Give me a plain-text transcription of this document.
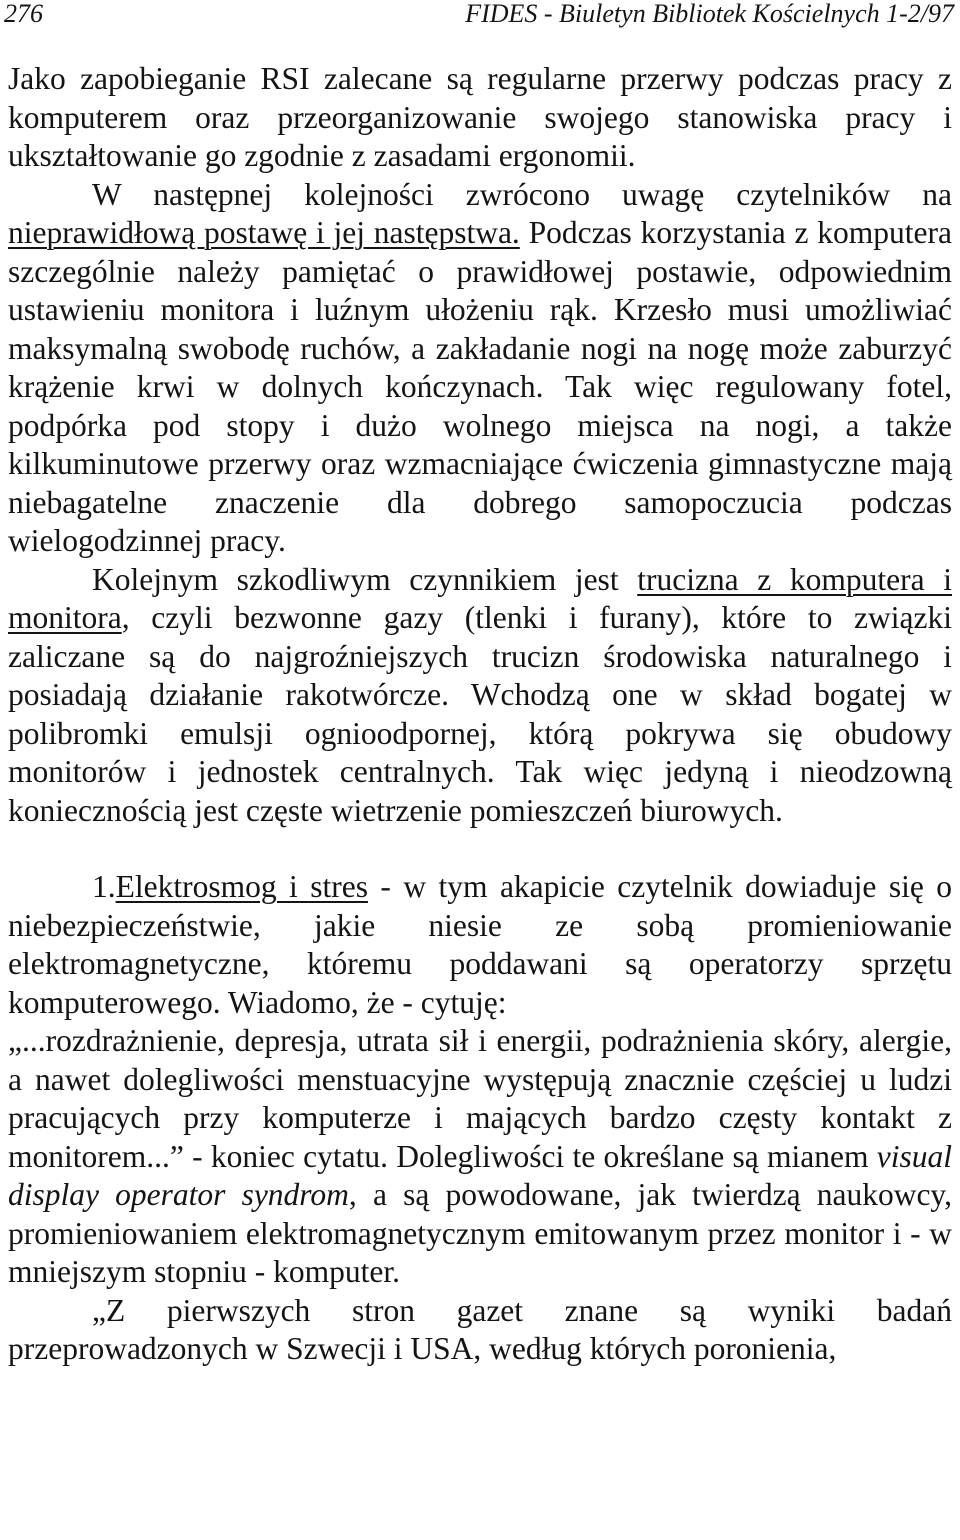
276	FIDES - Biuletyn Bibliotek Kościelnych 1-2/97

Jako zapobieganie RSI zalecane są regularne przerwy podczas pracy z komputerem oraz przeorganizowanie swojego stanowiska pracy i ukształtowanie go zgodnie z zasadami ergonomii.

W następnej kolejności zwrócono uwagę czytelników na nieprawidłową postawę i jej następstwa. Podczas korzystania z komputera szczególnie należy pamiętać o prawidłowej postawie, odpowiednim ustawieniu monitora i luźnym ułożeniu rąk. Krzesło musi umożliwiać maksymalną swobodę ruchów, a zakładanie nogi na nogę może zaburzyć krążenie krwi w dolnych kończynach. Tak więc regulowany fotel, podpórka pod stopy i dużo wolnego miejsca na nogi, a także kilkuminutowe przerwy oraz wzmacniające ćwiczenia gimnastyczne mają niebagatelne znaczenie dla dobrego samopoczucia podczas wielogodzinnej pracy.

Kolejnym szkodliwym czynnikiem jest trucizna z komputera i monitora, czyli bezwonne gazy (tlenki i furany), które to związki zaliczane są do najgroźniejszych trucizn środowiska naturalnego i posiadają działanie rakotwórcze. Wchodzą one w skład bogatej w polibromki emulsji ognioodpornej, którą pokrywa się obudowy monitorów i jednostek centralnych. Tak więc jedyną i nieodzowną koniecznością jest częste wietrzenie pomieszczeń biurowych.

1.Elektrosmog i stres - w tym akapicie czytelnik dowiaduje się o niebezpieczeństwie, jakie niesie ze sobą promieniowanie elektromagnetyczne, któremu poddawani są operatorzy sprzętu komputerowego. Wiadomo, że - cytuję:

„...rozdrażnienie, depresja, utrata sił i energii, podrażnienia skóry, alergie, a nawet dolegliwości menstuacyjne występują znacznie częściej u ludzi pracujących przy komputerze i mających bardzo częsty kontakt z monitorem...” - koniec cytatu. Dolegliwości te określane są mianem visual display operator syndrom, a są powodowane, jak twierdzą naukowcy, promieniowaniem elektromagnetycznym emitowanym przez monitor i - w mniejszym stopniu - komputer.

„Z pierwszych stron gazet znane są wyniki badań przeprowadzonych w Szwecji i USA, według których poronienia,
